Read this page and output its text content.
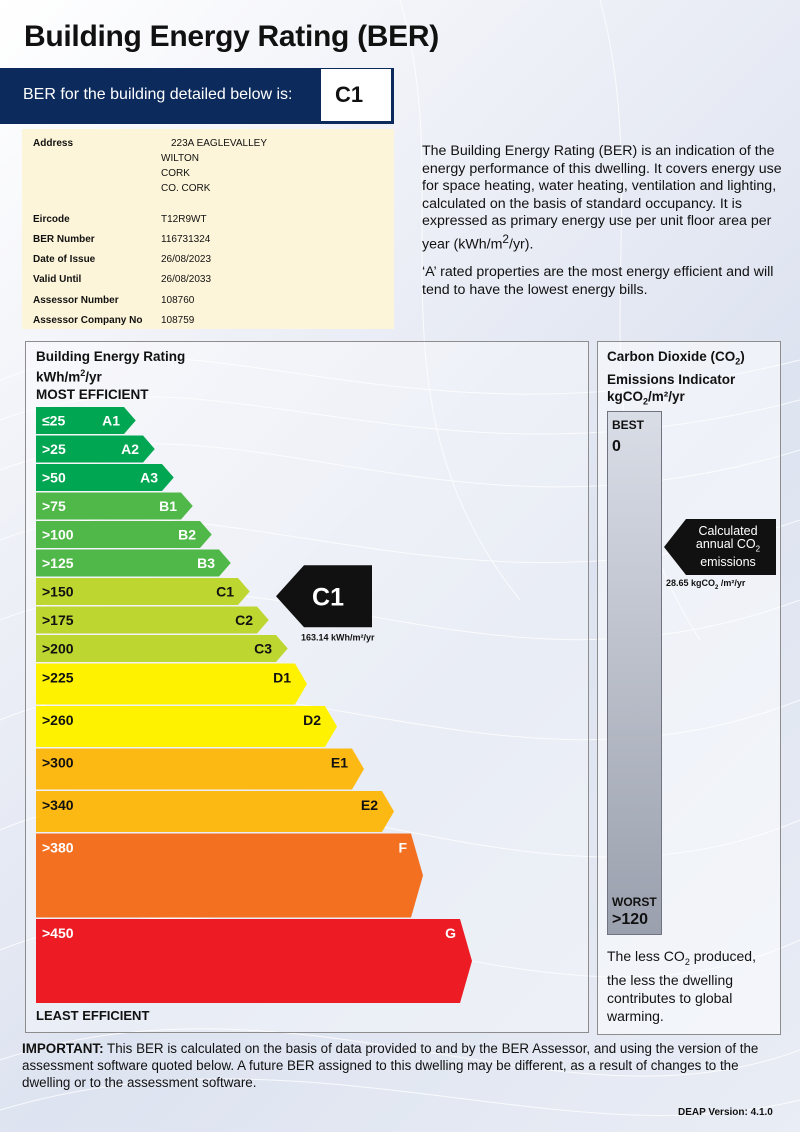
Building Energy Rating (BER)
BER for the building detailed below is:	C1
Address	223A EAGLEVALLEY
WILTON
CORK
CO. CORK
Eircode	T12R9WT
BER Number	116731324
Date of Issue	26/08/2023
Valid Until	26/08/2033
Assessor Number	108760
Assessor Company No 108759

The Building Energy Rating (BER) is an indication of the energy performance of this dwelling. It covers energy use for space heating, water heating, ventilation and lighting, calculated on the basis of standard occupancy. It is expressed as primary energy use per unit floor area per year $(kWh/m^2/yr)$.

‘A’ rated properties are the most energy efficient and will tend to have the lowest energy bills.

Building Energy Rating
kWh/$m^2/yr$
MOST EFFICIENT
≤25	A1
>25	A2
>50	A3
>75	B1
>100	B2
>125	B3
>150	C1
>175	C2
>200	C3
>225	D1
>260	D2
>300	E1
>340	E2
>380	F
>450	G
C1
163.14 kWh/m²/yr
LEAST EFFICIENT
Carbon Dioxide $(CO_2)$
Emissions Indicator
kgCO$_2$/m²/yr
BEST
0
WORST
>120
Calculated
annual $CO_2$
emissions
28.65 kgCO$_2$ /m²/yr
The less $CO_2$ produced, the less the dwelling contributes to global warming.
IMPORTANT: This BER is calculated on the basis of data provided to and by the BER Assessor, and using the version of the assessment software quoted below. A future BER assigned to this dwelling may be different, as a result of changes to the dwelling or to the assessment software.
DEAP Version: 4.1.0
